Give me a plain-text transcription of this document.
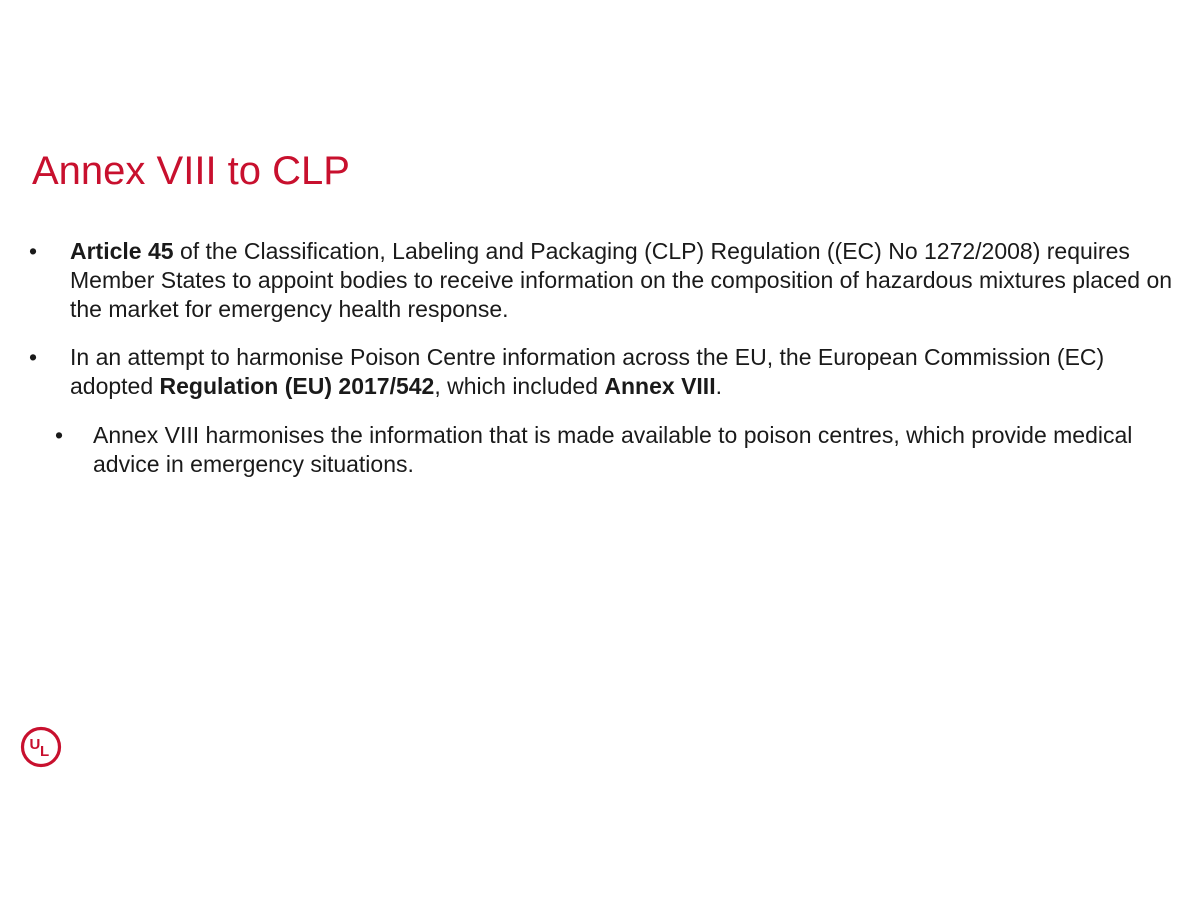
Annex VIII to CLP
• Article 45 of the Classification, Labeling and Packaging (CLP) Regulation ((EC) No 1272/2008) requires Member States to appoint bodies to receive information on the composition of hazardous mixtures placed on the market for emergency health response.
• In an attempt to harmonise Poison Centre information across the EU, the European Commission (EC) adopted Regulation (EU) 2017/542, which included Annex VIII.
• Annex VIII harmonises the information that is made available to poison centres, which provide medical advice in emergency situations.
U L
